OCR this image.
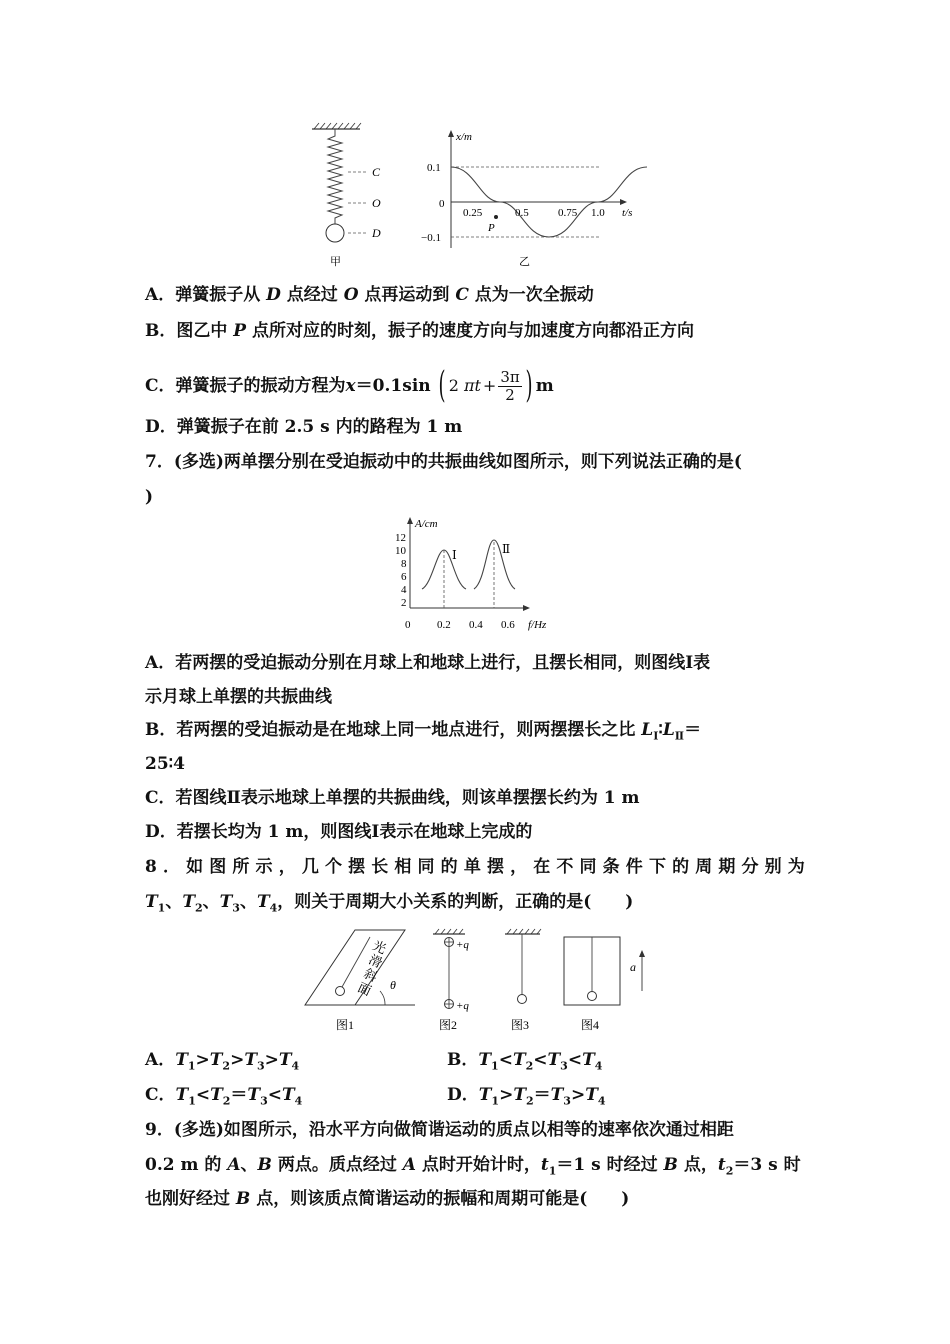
C
O
D
甲
x/m
t/s
0.1
0
−0.1
0.25	0.5	0.75 1.0
P
乙
A．弹簧振子从 D 点经过 O 点再运动到 C 点为一次全振动
B．图乙中 P 点所对应的时刻，振子的速度方向与加速度方向都沿正方向
C．弹簧振子的振动方程为 x ＝0.1sin ( 2 $\pi t + \frac{3\pi}{2}$ ) m
D．弹簧振子在前 2.5 s 内的路程为 1 m
7．(多选)两单摆分别在受迫振动中的共振曲线如图所示，则下列说法正确的是(
)
A/cm
f/Hz
12
10
8
6
4
2
0 0.2 0.4 0.6
Ⅰ	Ⅱ
A．若两摆的受迫振动分别在月球上和地球上进行，且摆长相同，则图线Ⅰ表
示月球上单摆的共振曲线
B．若两摆的受迫振动是在地球上同一地点进行，则两摆摆长之比 $L_Ⅰ∶L_Ⅱ=$
25∶4
C．若图线Ⅱ表示地球上单摆的共振曲线，则该单摆摆长约为 1 m
D．若摆长均为 1 m，则图线Ⅰ表示在地球上完成的
8 ． 如 图 所 示 ， 几 个 摆 长 相 同 的 单 摆 ， 在 不 同 条 件 下 的 周 期 分 别 为
$T_1$、$T_2$、$T_3$、$T_4$，则关于周期大小关系的判断，正确的是(　　)
θ
光
滑
斜
面
图1
+q
+q
图2	图3
a
图4
A．$T_1>T_2>T_3>T_4$	B．$T_1<T_2<T_3<T_4$
C．$T_1<T_2=T_3<T_4$	D．$T_1>T_2=T_3>T_4$
9．(多选)如图所示，沿水平方向做简谐运动的质点以相等的速率依次通过相距
0.2 m 的 A、B 两点。质点经过 A 点时开始计时，$t_1=1$ s 时经过 B 点，$t_2=3$ s 时
也刚好经过 B 点，则该质点简谐运动的振幅和周期可能是(　　)
